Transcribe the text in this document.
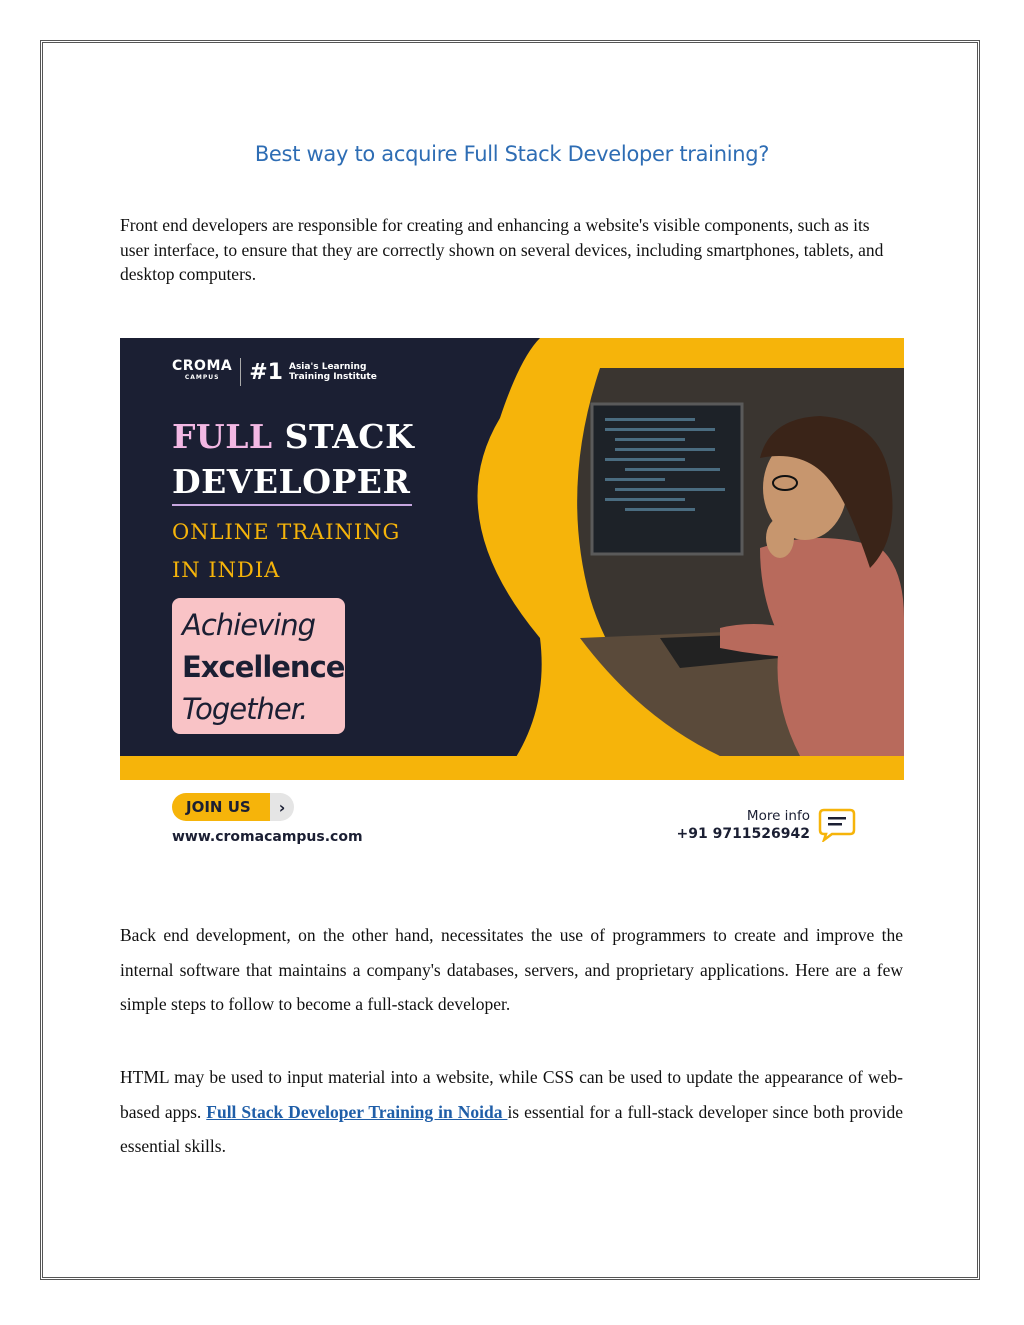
Best way to acquire Full Stack Developer training?

Front end developers are responsible for creating and enhancing a website's visible components, such as its user interface, to ensure that they are correctly shown on several devices, including smartphones, tablets, and desktop computers.

CROMA
CAMPUS	#1 Asia's Learning
Training Institute
FULL STACK
DEVELOPER
ONLINE TRAINING
IN INDIA
Achieving
Excellence
Together.
JOIN US	›
www.cromacampus.com
More info
+91 9711526942

Back end development, on the other hand, necessitates the use of programmers to create and improve the internal software that maintains a company's databases, servers, and proprietary applications. Here are a few simple steps to follow to become a full-stack developer.

HTML may be used to input material into a website, while CSS can be used to update the appearance of web-based apps. Full Stack Developer Training in Noida is essential for a full-stack developer since both provide essential skills.
